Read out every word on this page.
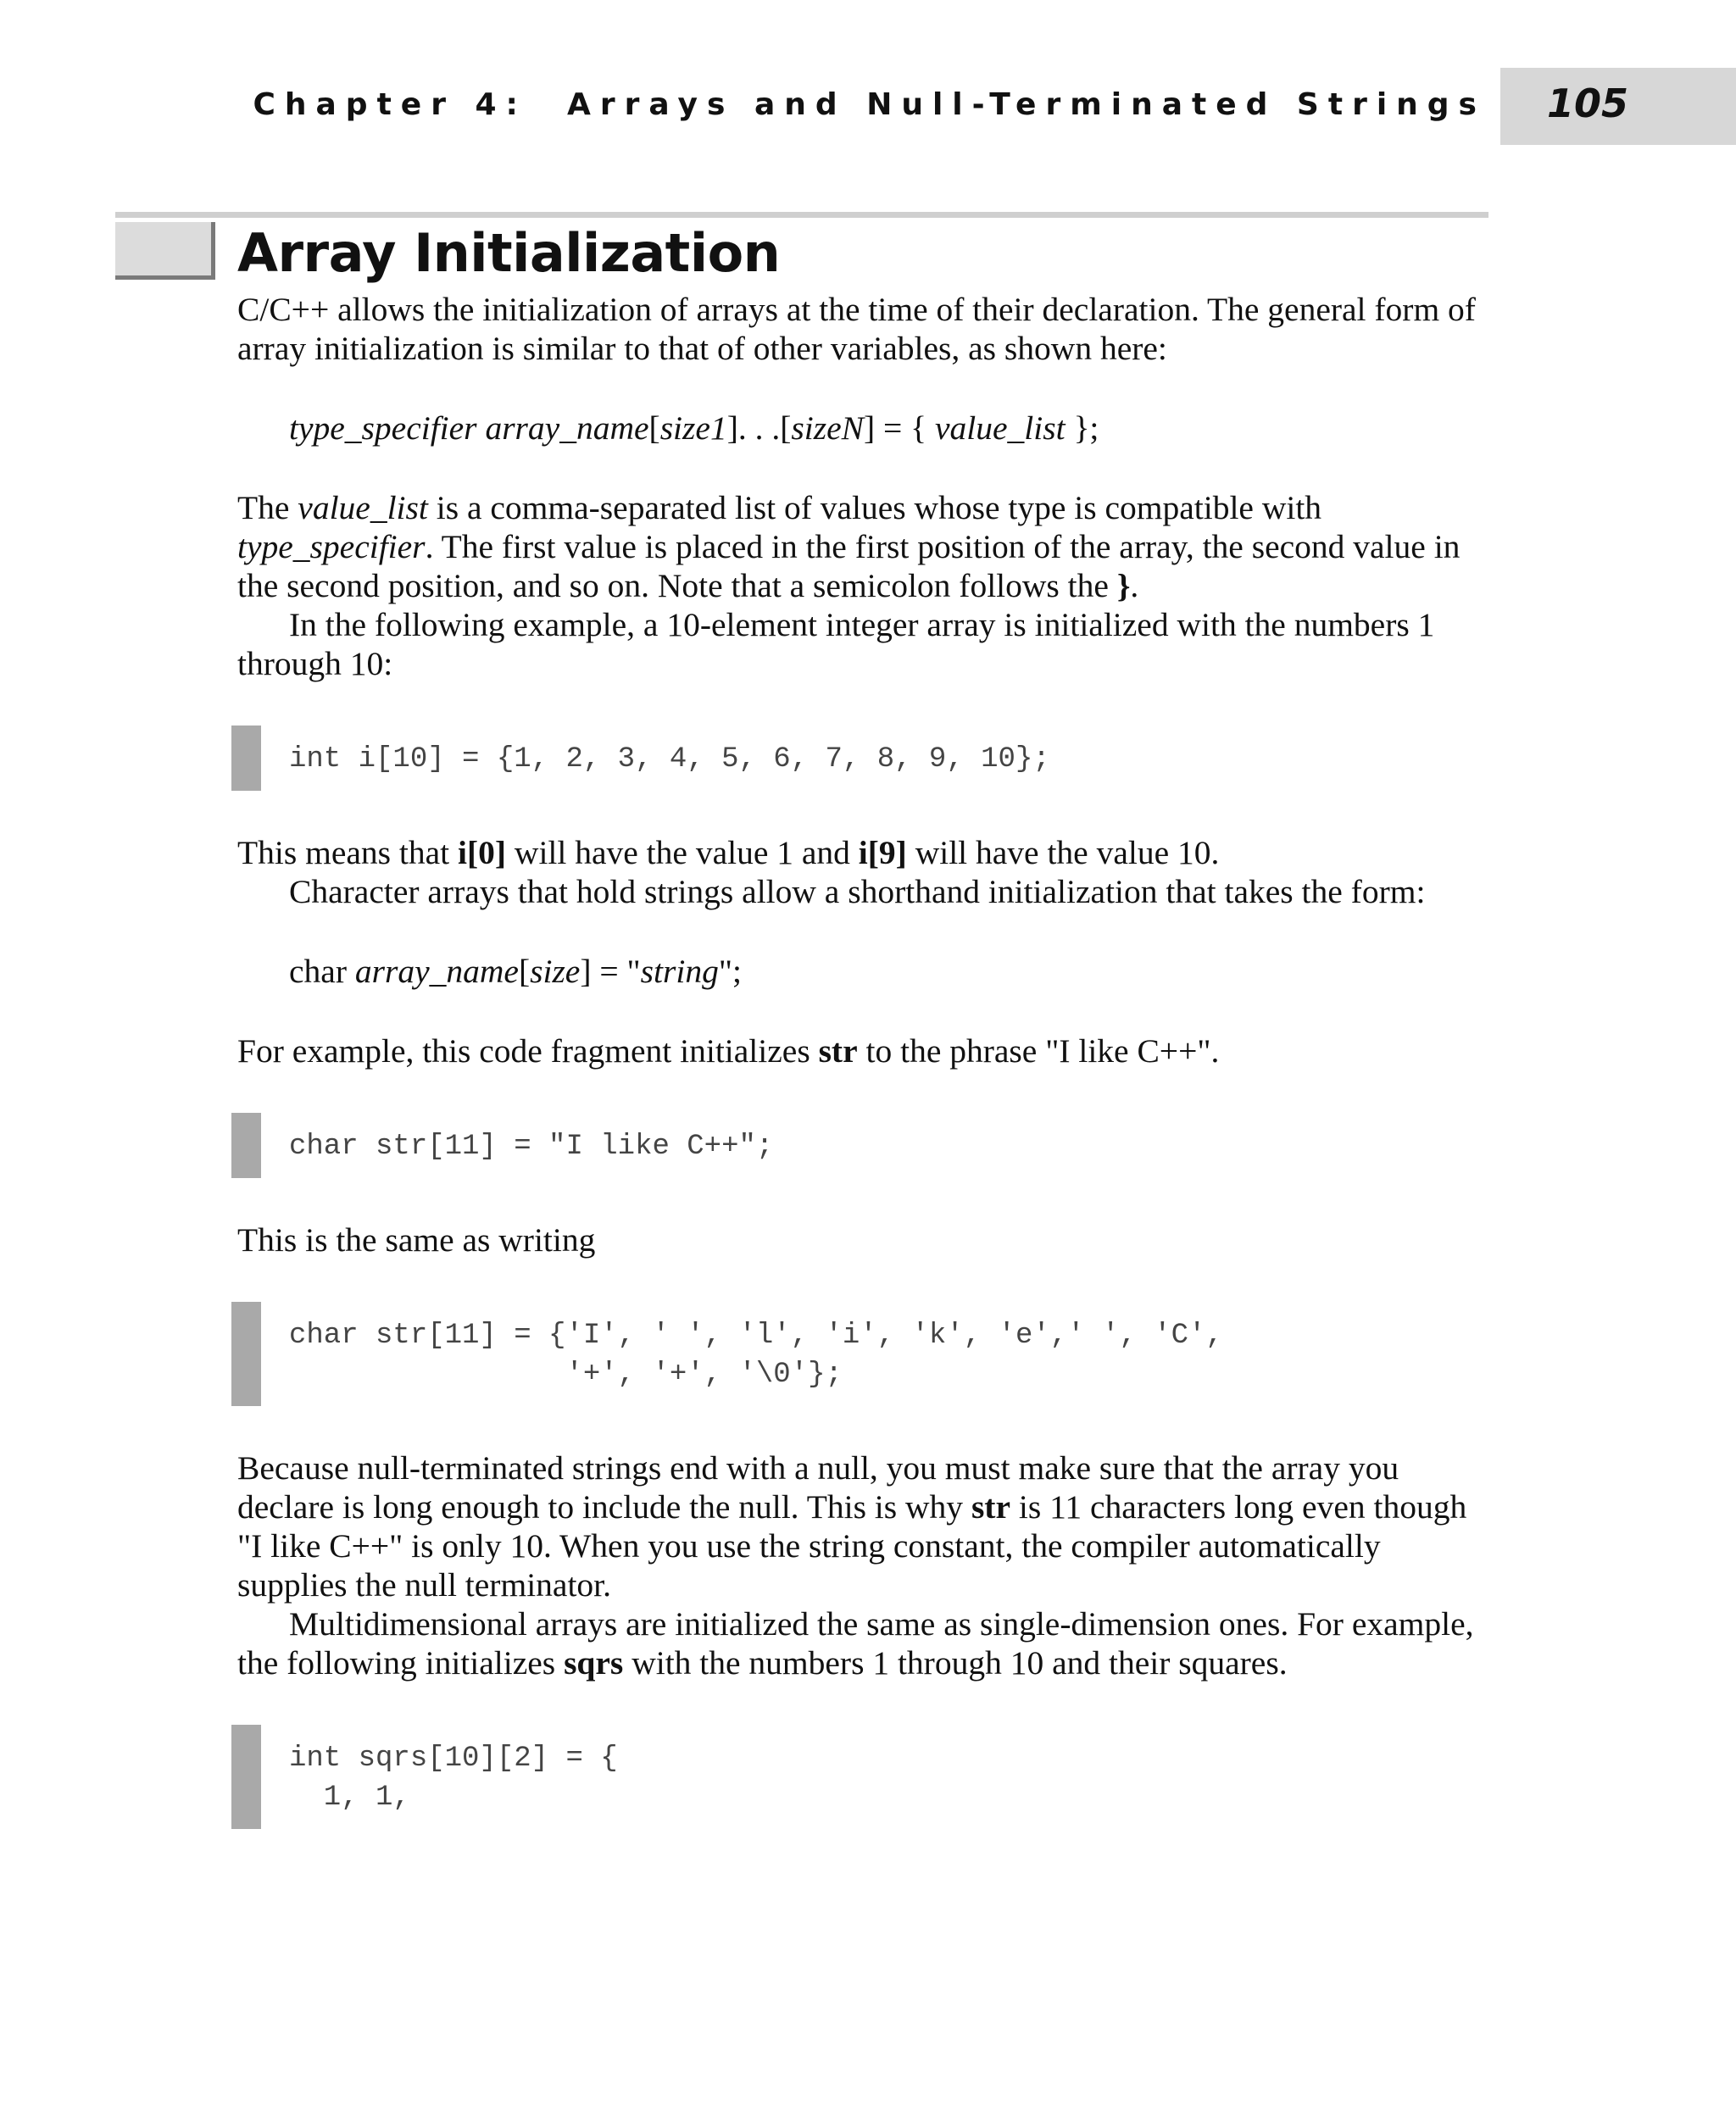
Chapter 4:  Arrays and Null-Terminated Strings 105
Array Initialization

C/C++ allows the initialization of arrays at the time of their declaration. The general form of array initialization is similar to that of other variables, as shown here:

type_specifier array_name[size1]. . .[sizeN] = { value_list };

The value_list is a comma-separated list of values whose type is compatible with type_specifier. The first value is placed in the first position of the array, the second value in the second position, and so on. Note that a semicolon follows the }.

In the following example, a 10-element integer array is initialized with the numbers 1 through 10:

int i[10] = {1, 2, 3, 4, 5, 6, 7, 8, 9, 10};

This means that i[0] will have the value 1 and i[9] will have the value 10.

Character arrays that hold strings allow a shorthand initialization that takes the form:

char array_name[size] = "string";

For example, this code fragment initializes str to the phrase "I like C++".

char str[11] = "I like C++";

This is the same as writing

char str[11] = {'I', ' ', 'l', 'i', 'k', 'e',' ', 'C',
'+', '+', '\0'};

Because null-terminated strings end with a null, you must make sure that the array you declare is long enough to include the null. This is why str is 11 characters long even though "I like C++" is only 10. When you use the string constant, the compiler automatically supplies the null terminator.

Multidimensional arrays are initialized the same as single-dimension ones. For example, the following initializes sqrs with the numbers 1 through 10 and their squares.

int sqrs[10][2] = {
1, 1,
